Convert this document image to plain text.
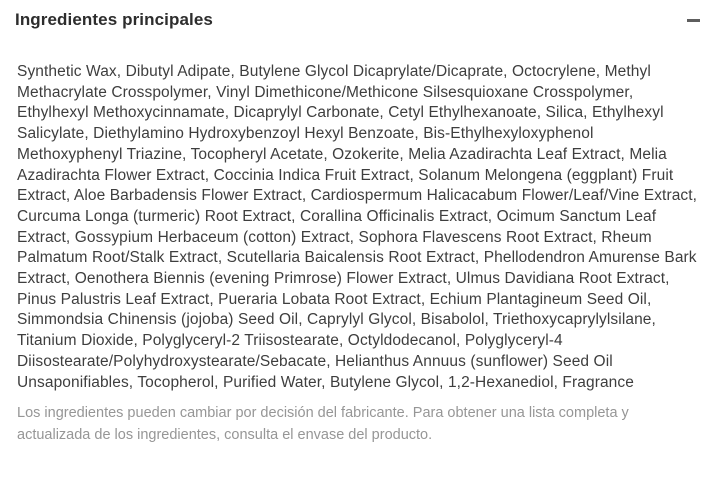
Ingredientes principales

Synthetic Wax, Dibutyl Adipate, Butylene Glycol Dicaprylate/Dicaprate, Octocrylene, Methyl Methacrylate Crosspolymer, Vinyl Dimethicone/Methicone Silsesquioxane Crosspolymer, Ethylhexyl Methoxycinnamate, Dicaprylyl Carbonate, Cetyl Ethylhexanoate, Silica, Ethylhexyl Salicylate, Diethylamino Hydroxybenzoyl Hexyl Benzoate, Bis-Ethylhexyloxyphenol Methoxyphenyl Triazine, Tocopheryl Acetate, Ozokerite, Melia Azadirachta Leaf Extract, Melia Azadirachta Flower Extract, Coccinia Indica Fruit Extract, Solanum Melongena (eggplant) Fruit Extract, Aloe Barbadensis Flower Extract, Cardiospermum Halicacabum Flower/Leaf/Vine Extract, Curcuma Longa (turmeric) Root Extract, Corallina Officinalis Extract, Ocimum Sanctum Leaf Extract, Gossypium Herbaceum (cotton) Extract, Sophora Flavescens Root Extract, Rheum Palmatum Root/Stalk Extract, Scutellaria Baicalensis Root Extract, Phellodendron Amurense Bark Extract, Oenothera Biennis (evening Primrose) Flower Extract, Ulmus Davidiana Root Extract, Pinus Palustris Leaf Extract, Pueraria Lobata Root Extract, Echium Plantagineum Seed Oil, Simmondsia Chinensis (jojoba) Seed Oil, Caprylyl Glycol, Bisabolol, Triethoxycaprylylsilane, Titanium Dioxide, Polyglyceryl-2 Triisostearate, Octyldodecanol, Polyglyceryl-4 Diisostearate/Polyhydroxystearate/Sebacate, Helianthus Annuus (sunflower) Seed Oil Unsaponifiables, Tocopherol, Purified Water, Butylene Glycol, 1,2-Hexanediol, Fragrance

Los ingredientes pueden cambiar por decisión del fabricante. Para obtener una lista completa y actualizada de los ingredientes, consulta el envase del producto.
